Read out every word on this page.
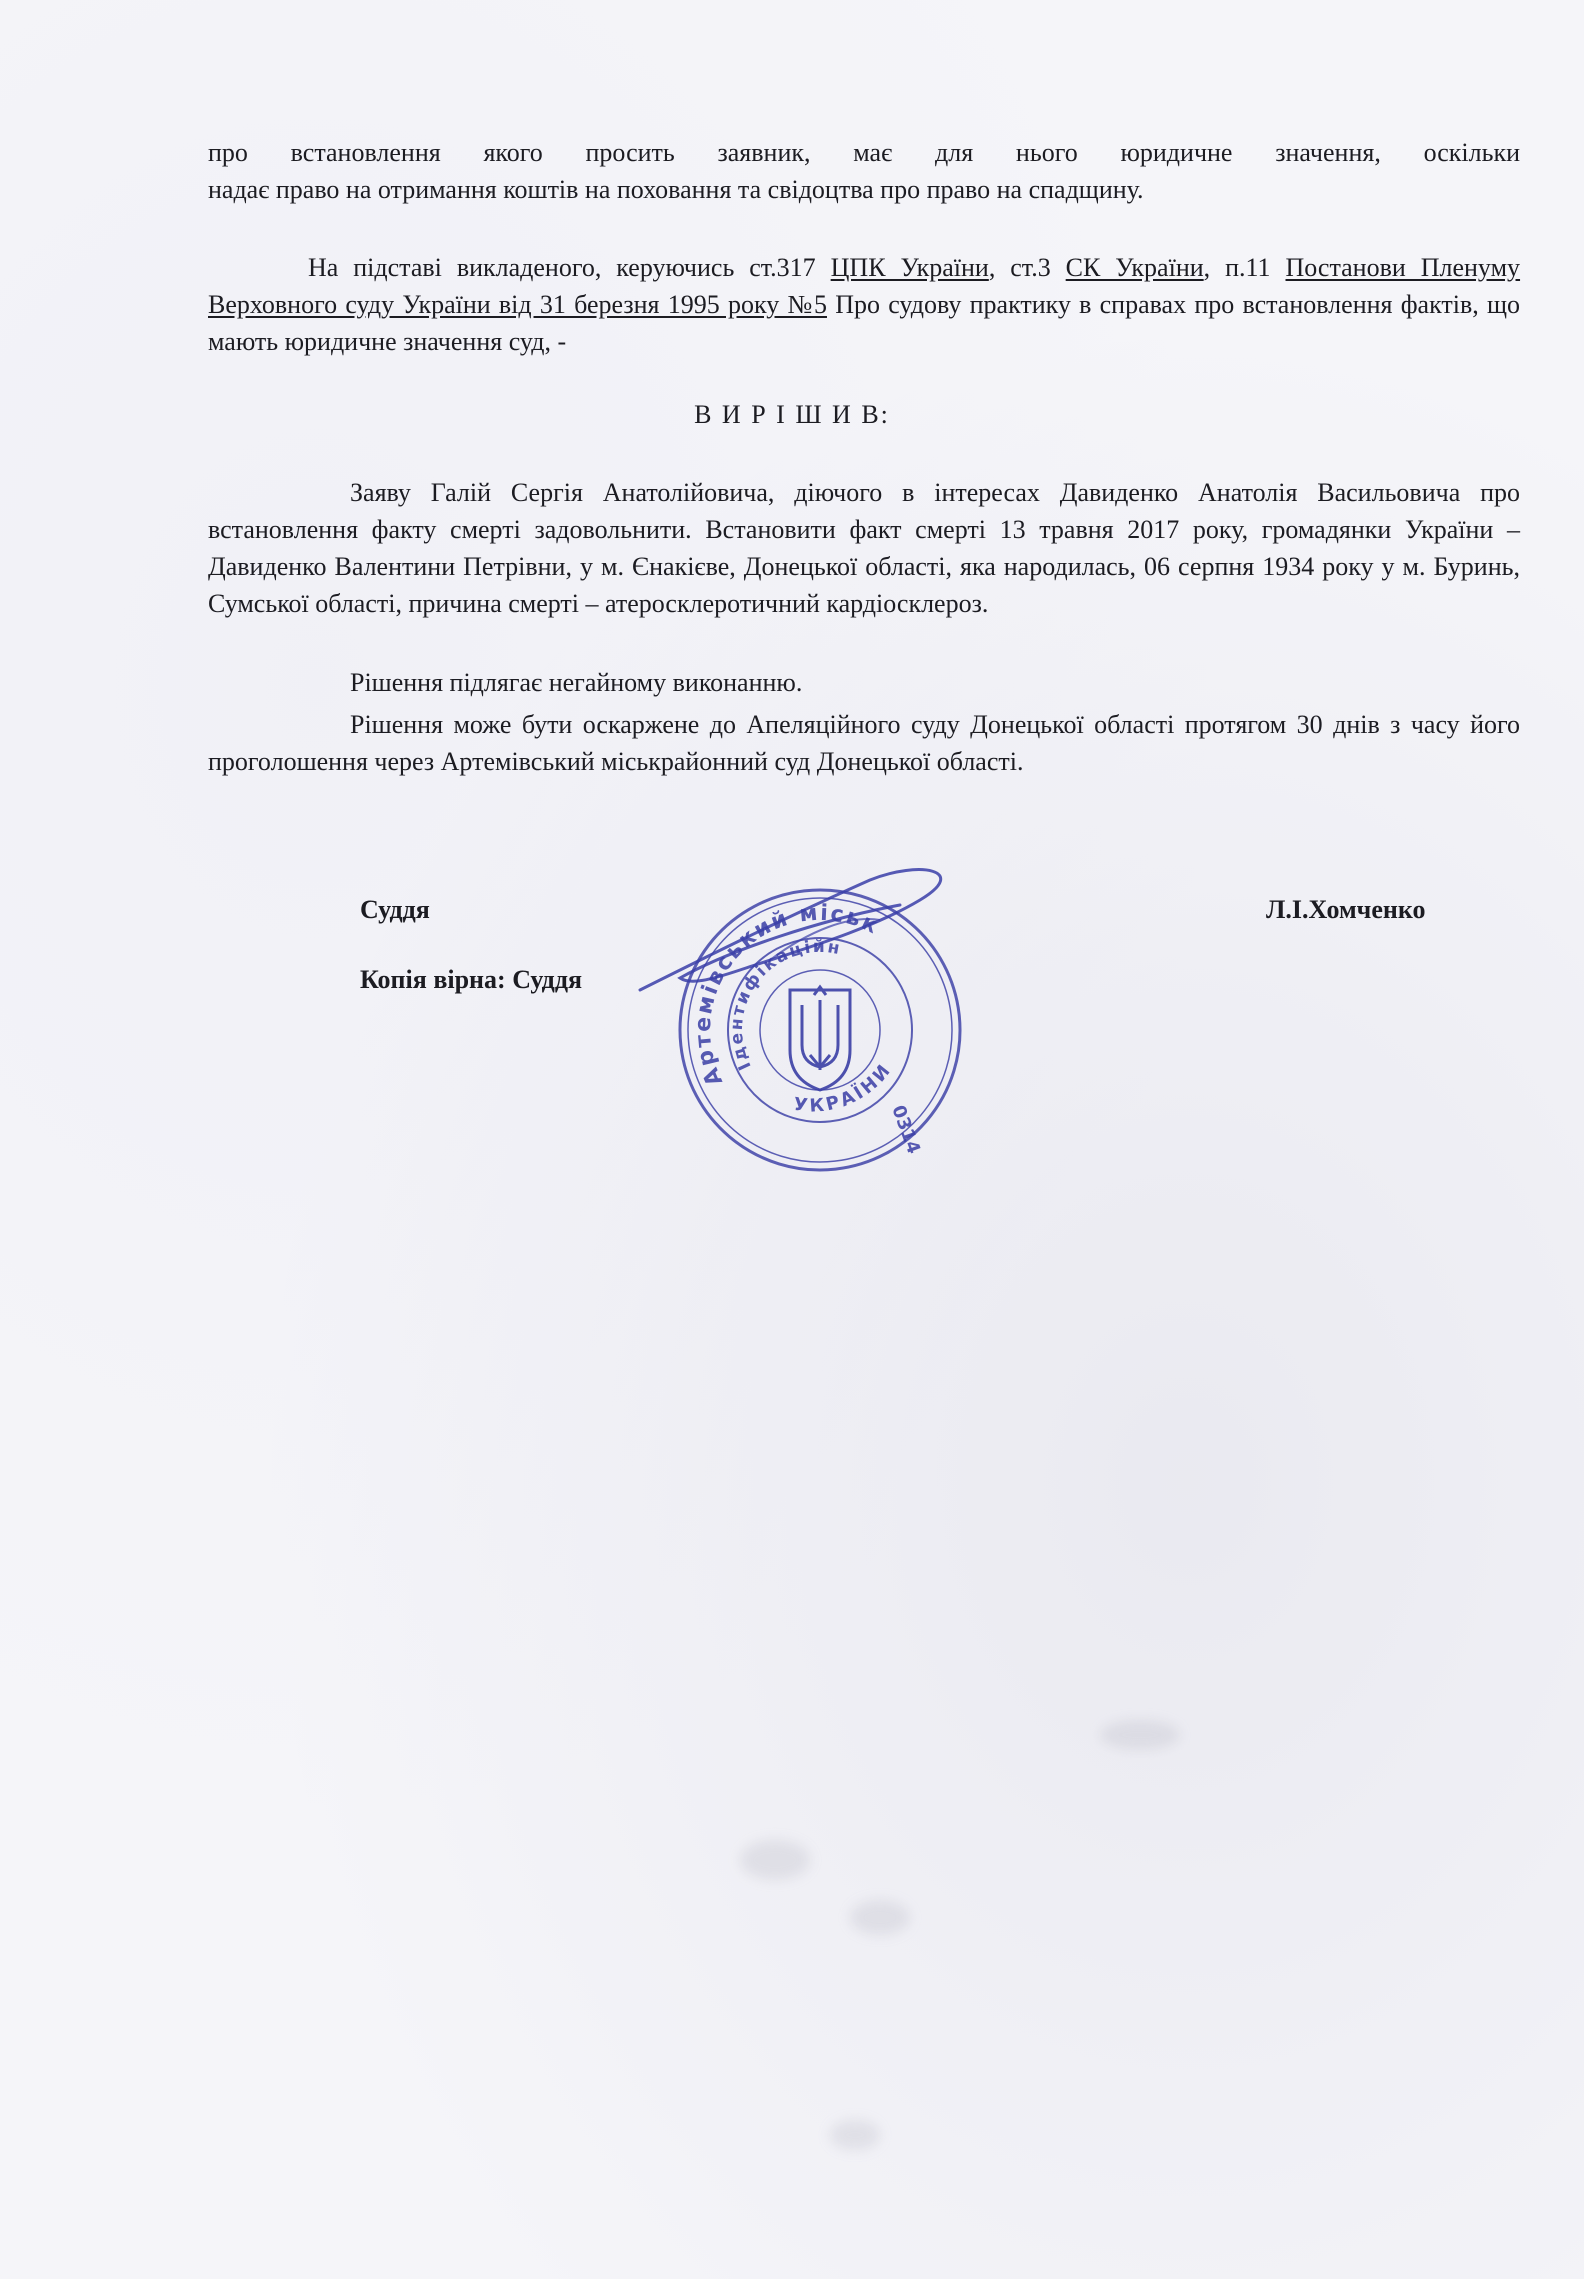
про встановлення якого просить заявник, має для нього юридичне значення, оскільки
надає право на отримання коштів на поховання та свідоцтва про право на спадщину.
На підставі викладеного, керуючись ст.317 ЦПК України, ст.3 СК України, п.11 Постанови Пленуму Верховного суду України від 31 березня 1995 року №5 Про судову практику в справах про встановлення фактів, що мають юридичне значення суд, -
В И Р І Ш И В:
Заяву Галій Сергія Анатолійовича, діючого в інтересах Давиденко Анатолія Васильовича про встановлення факту смерті задовольнити. Встановити факт смерті 13 травня 2017 року, громадянки України – Давиденко Валентини Петрівни, у м. Єнакієве, Донецької області, яка народилась, 06 серпня 1934 року у м. Буринь, Сумської області, причина смерті – атеросклеротичний кардіосклероз.
Рішення підлягає негайному виконанню.
Рішення може бути оскаржене до Апеляційного суду Донецької області протягом 30 днів з часу його проголошення через Артемівський міськрайонний суд Донецької області.
Суддя	Л.І.Хомченко
Копія вірна: Суддя
Артемівський міськ
Ідентифікаційн
УКРАЇНИ
0314
